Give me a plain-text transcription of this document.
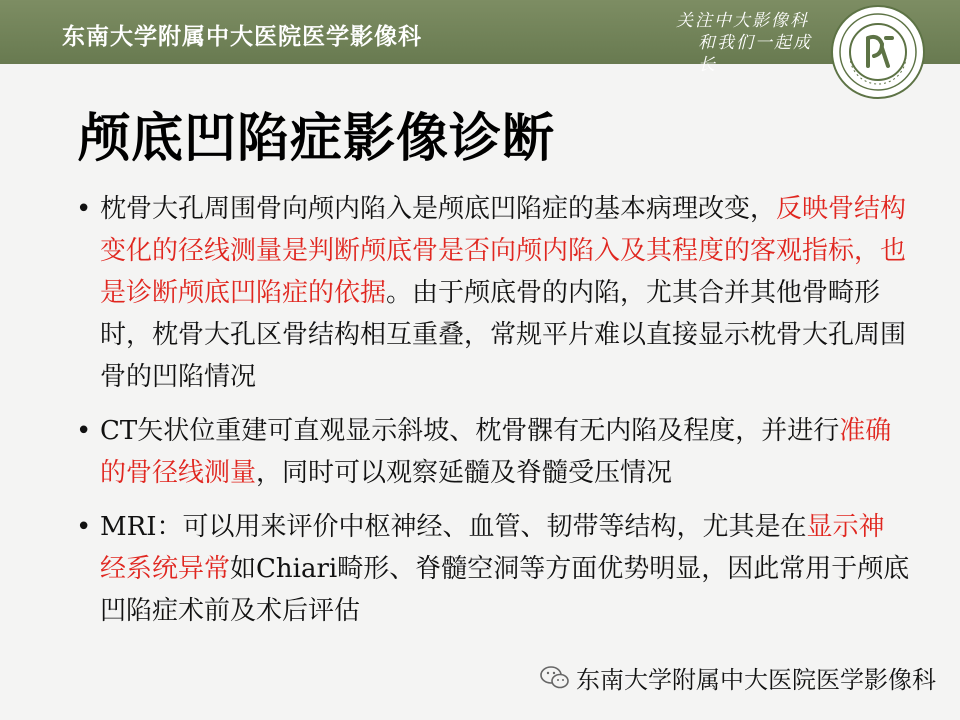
东南大学附属中大医院医学影像科
关注中大影像科
和我们一起成长
颅底凹陷症影像诊断
• 枕骨大孔周围骨向颅内陷入是颅底凹陷症的基本病理改变，反映骨结构变化的径线测量是判断颅底骨是否向颅内陷入及其程度的客观指标，也是诊断颅底凹陷症的依据。由于颅底骨的内陷，尤其合并其他骨畸形时，枕骨大孔区骨结构相互重叠，常规平片难以直接显示枕骨大孔周围骨的凹陷情况
• CT矢状位重建可直观显示斜坡、枕骨髁有无内陷及程度，并进行准确的骨径线测量，同时可以观察延髓及脊髓受压情况
• MRI：可以用来评价中枢神经、血管、韧带等结构，尤其是在显示神经系统异常如Chiari畸形、脊髓空洞等方面优势明显，因此常用于颅底凹陷症术前及术后评估
东南大学附属中大医院医学影像科
